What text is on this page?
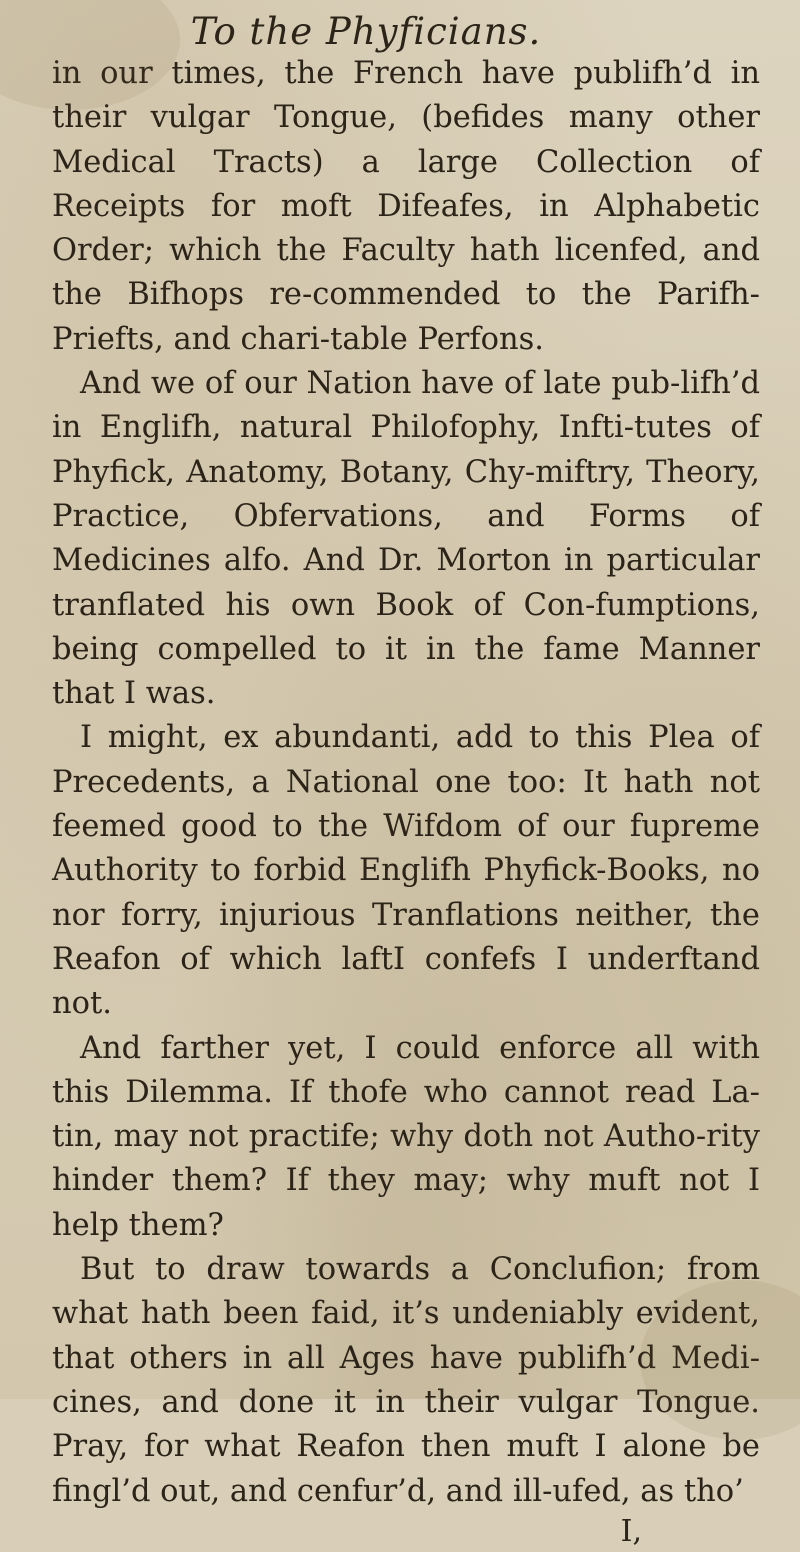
To the Phyficians.

in our times, the French have publifh’d in their vulgar Tongue, (befides many other Medical Tracts) a large Collection of Receipts for moft Difeafes, in Alphabetic Order; which the Faculty hath licenfed, and the Bifhops re-commended to the Parifh-Priefts, and chari-table Perfons.

And we of our Nation have of late pub-lifh’d in Englifh, natural Philofophy, Infti-tutes of Phyfick, Anatomy, Botany, Chy-miftry, Theory, Practice, Obfervations, and Forms of Medicines alfo. And Dr. Morton in particular tranflated his own Book of Con-fumptions, being compelled to it in the fame Manner that I was.

I might, ex abundanti, add to this Plea of Precedents, a National one too: It hath not feemed good to the Wifdom of our fupreme Authority to forbid Englifh Phyfick-Books, no nor forry, injurious Tranflations neither, the Reafon of which laftI confefs I underftand not.

And farther yet, I could enforce all with this Dilemma. If thofe who cannot read La-tin, may not practife; why doth not Autho-rity hinder them? If they may; why muft not I help them?

But to draw towards a Conclufion; from what hath been faid, it’s undeniably evident, that others in all Ages have publifh’d Medi-cines, and done it in their vulgar Tongue. Pray, for what Reafon then muft I alone be fingl’d out, and cenfur’d, and ill-ufed, as tho’

I,
